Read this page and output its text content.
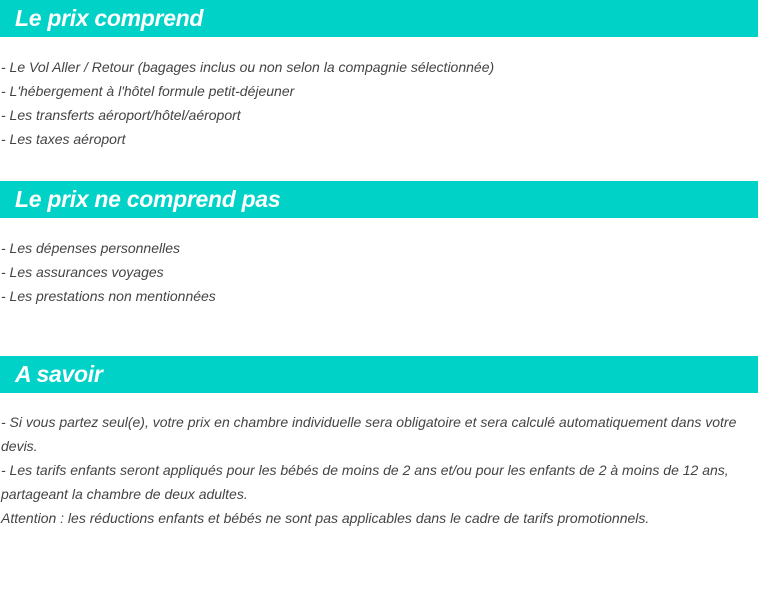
Le prix comprend
- Le Vol Aller / Retour (bagages inclus ou non selon la compagnie sélectionnée)
- L'hébergement à l'hôtel formule petit-déjeuner
- Les transferts aéroport/hôtel/aéroport
- Les taxes aéroport
Le prix ne comprend pas
- Les dépenses personnelles
- Les assurances voyages
- Les prestations non mentionnées
A savoir
- Si vous partez seul(e), votre prix en chambre individuelle sera obligatoire et sera calculé automatiquement dans votre devis.
- Les tarifs enfants seront appliqués pour les bébés de moins de 2 ans et/ou pour les enfants de 2 à moins de 12 ans, partageant la chambre de deux adultes.
Attention : les réductions enfants et bébés ne sont pas applicables dans le cadre de tarifs promotionnels.
